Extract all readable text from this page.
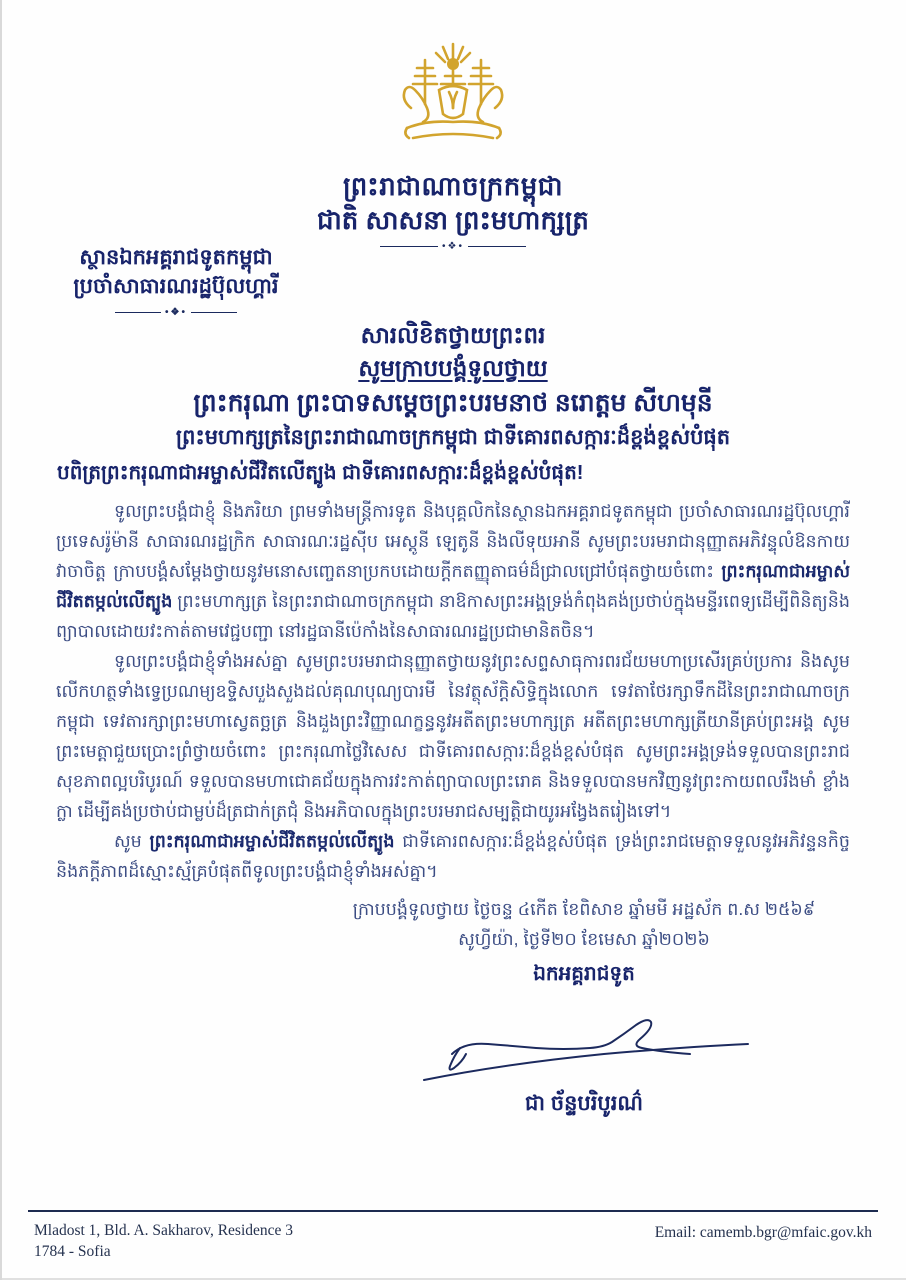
ព្រះរាជាណាចក្រកម្ពុជា
ជាតិ សាសនា ព្រះមហាក្សត្រ
•❖•
ស្ថានឯកអគ្គរាជទូតកម្ពុជា
ប្រចាំសាធារណរដ្ឋប៊ុលហ្គារី
•❖•
សារលិខិតថ្វាយព្រះពរ
សូមក្រាបបង្គំទូលថ្វាយ
ព្រះករុណា ព្រះបាទសម្តេចព្រះបរមនាថ នរោត្តម សីហមុនី
ព្រះមហាក្សត្រនៃព្រះរាជាណាចក្រកម្ពុជា ជាទីគោរពសក្ការៈដ៏ខ្ពង់ខ្ពស់បំផុត
បពិត្រព្រះករុណាជាអម្ចាស់ជីវិតលើត្បូង ជាទីគោរពសក្ការៈដ៏ខ្ពង់ខ្ពស់បំផុត!

ទូលព្រះបង្គំជាខ្ញុំ និងភរិយា ព្រមទាំងមន្ត្រីការទូត និងបុគ្គលិកនៃស្ថានឯកអគ្គរាជទូតកម្ពុជា ប្រចាំសាធារណរដ្ឋប៊ុលហ្គារី ប្រទេសរ៉ូម៉ានី សាធារណរដ្ឋក្រិក សាធារណៈរដ្ឋស៊ីប អេស្តូនី ឡេតូនី និងលីទុយអានី សូមព្រះបរមរាជានុញ្ញាតអភិវន្ទុលំឱនកាយវាចាចិត្ត ក្រាបបង្គំសម្តែងថ្វាយនូវមនោសញ្ចេតនាប្រកបដោយក្តីកតញ្ញុតាធម៌ដ៏ជ្រាលជ្រៅបំផុតថ្វាយចំពោះ ព្រះករុណាជាអម្ចាស់ជីវិតតម្កល់លើត្បូង ព្រះមហាក្សត្រ នៃព្រះរាជាណាចក្រកម្ពុជា នាឱកាសព្រះអង្គទ្រង់កំពុងគង់ប្រថាប់ក្នុងមន្ទីរពេទ្យដើម្បីពិនិត្យនិងព្យាបាលដោយវះកាត់តាមវេជ្ជបញ្ជា នៅរដ្ឋធានីប៉េកាំងនៃសាធារណរដ្ឋប្រជាមានិតចិន។

ទូលព្រះបង្គំជាខ្ញុំទាំងអស់គ្នា សូមព្រះបរមរាជានុញ្ញាតថ្វាយនូវព្រះសព្ទសាធុការពរជ័យមហាប្រសើរគ្រប់ប្រការ និងសូមលើកហត្ថទាំងទ្វេប្រណម្យឧទ្ទិសបួងសួងដល់គុណបុណ្យបារមី នៃវត្ថុស័ក្តិសិទ្ធិក្នុងលោក ទេវតាថែរក្សាទឹកដីនៃព្រះរាជាណាចក្រកម្ពុជា ទេវតារក្សាព្រះមហាស្វេតច្ឆត្រ និងដួងព្រះវិញ្ញាណក្ខន្ធនូវអតីតព្រះមហាក្សត្រ អតីតព្រះមហាក្សត្រីយានីគ្រប់ព្រះអង្គ សូមព្រះមេត្តាជួយប្រោះព្រំថ្វាយចំពោះ ព្រះករុណាថ្លៃវិសេស ជាទីគោរពសក្ការៈដ៏ខ្ពង់ខ្ពស់បំផុត សូមព្រះអង្គទ្រង់ទទួលបានព្រះរាជសុខភាពល្អបរិបូរណ៍ ទទួលបានមហាជោគជ័យក្នុងការវះកាត់ព្យាបាលព្រះរោគ និងទទួលបានមកវិញនូវព្រះកាយពលរឹងមាំ ខ្លាំងក្លា ដើម្បីគង់ប្រថាប់ជាម្លប់ដ៏ត្រជាក់ត្រជុំ និងអភិបាលក្នុងព្រះបរមរាជសម្បត្តិជាយូរអង្វែងតរៀងទៅ។

សូម ព្រះករុណាជាអម្ចាស់ជីវិតតម្កល់លើត្បូង ជាទីគោរពសក្ការៈដ៏ខ្ពង់ខ្ពស់បំផុត ទ្រង់ព្រះរាជមេត្តាទទួលនូវអភិវន្ទនកិច្ច និងភក្តីភាពដ៏ស្មោះស្ម័គ្របំផុតពីទូលព្រះបង្គំជាខ្ញុំទាំងអស់គ្នា។

ក្រាបបង្គំទូលថ្វាយ ថ្ងៃចន្ទ ៤កើត ខែពិសាខ ឆ្នាំមមី អដ្ឋស័ក ព.ស ២៥៦៩
សូហ្វីយ៉ា, ថ្ងៃទី២០ ខែមេសា ឆ្នាំ២០២៦
ឯកអគ្គរាជទូត
ជា ច័ន្ទបរិបូរណ៌
Mladost 1, Bld. A. Sakharov, Residence 3
1784 - Sofia
Email: camemb.bgr@mfaic.gov.kh
